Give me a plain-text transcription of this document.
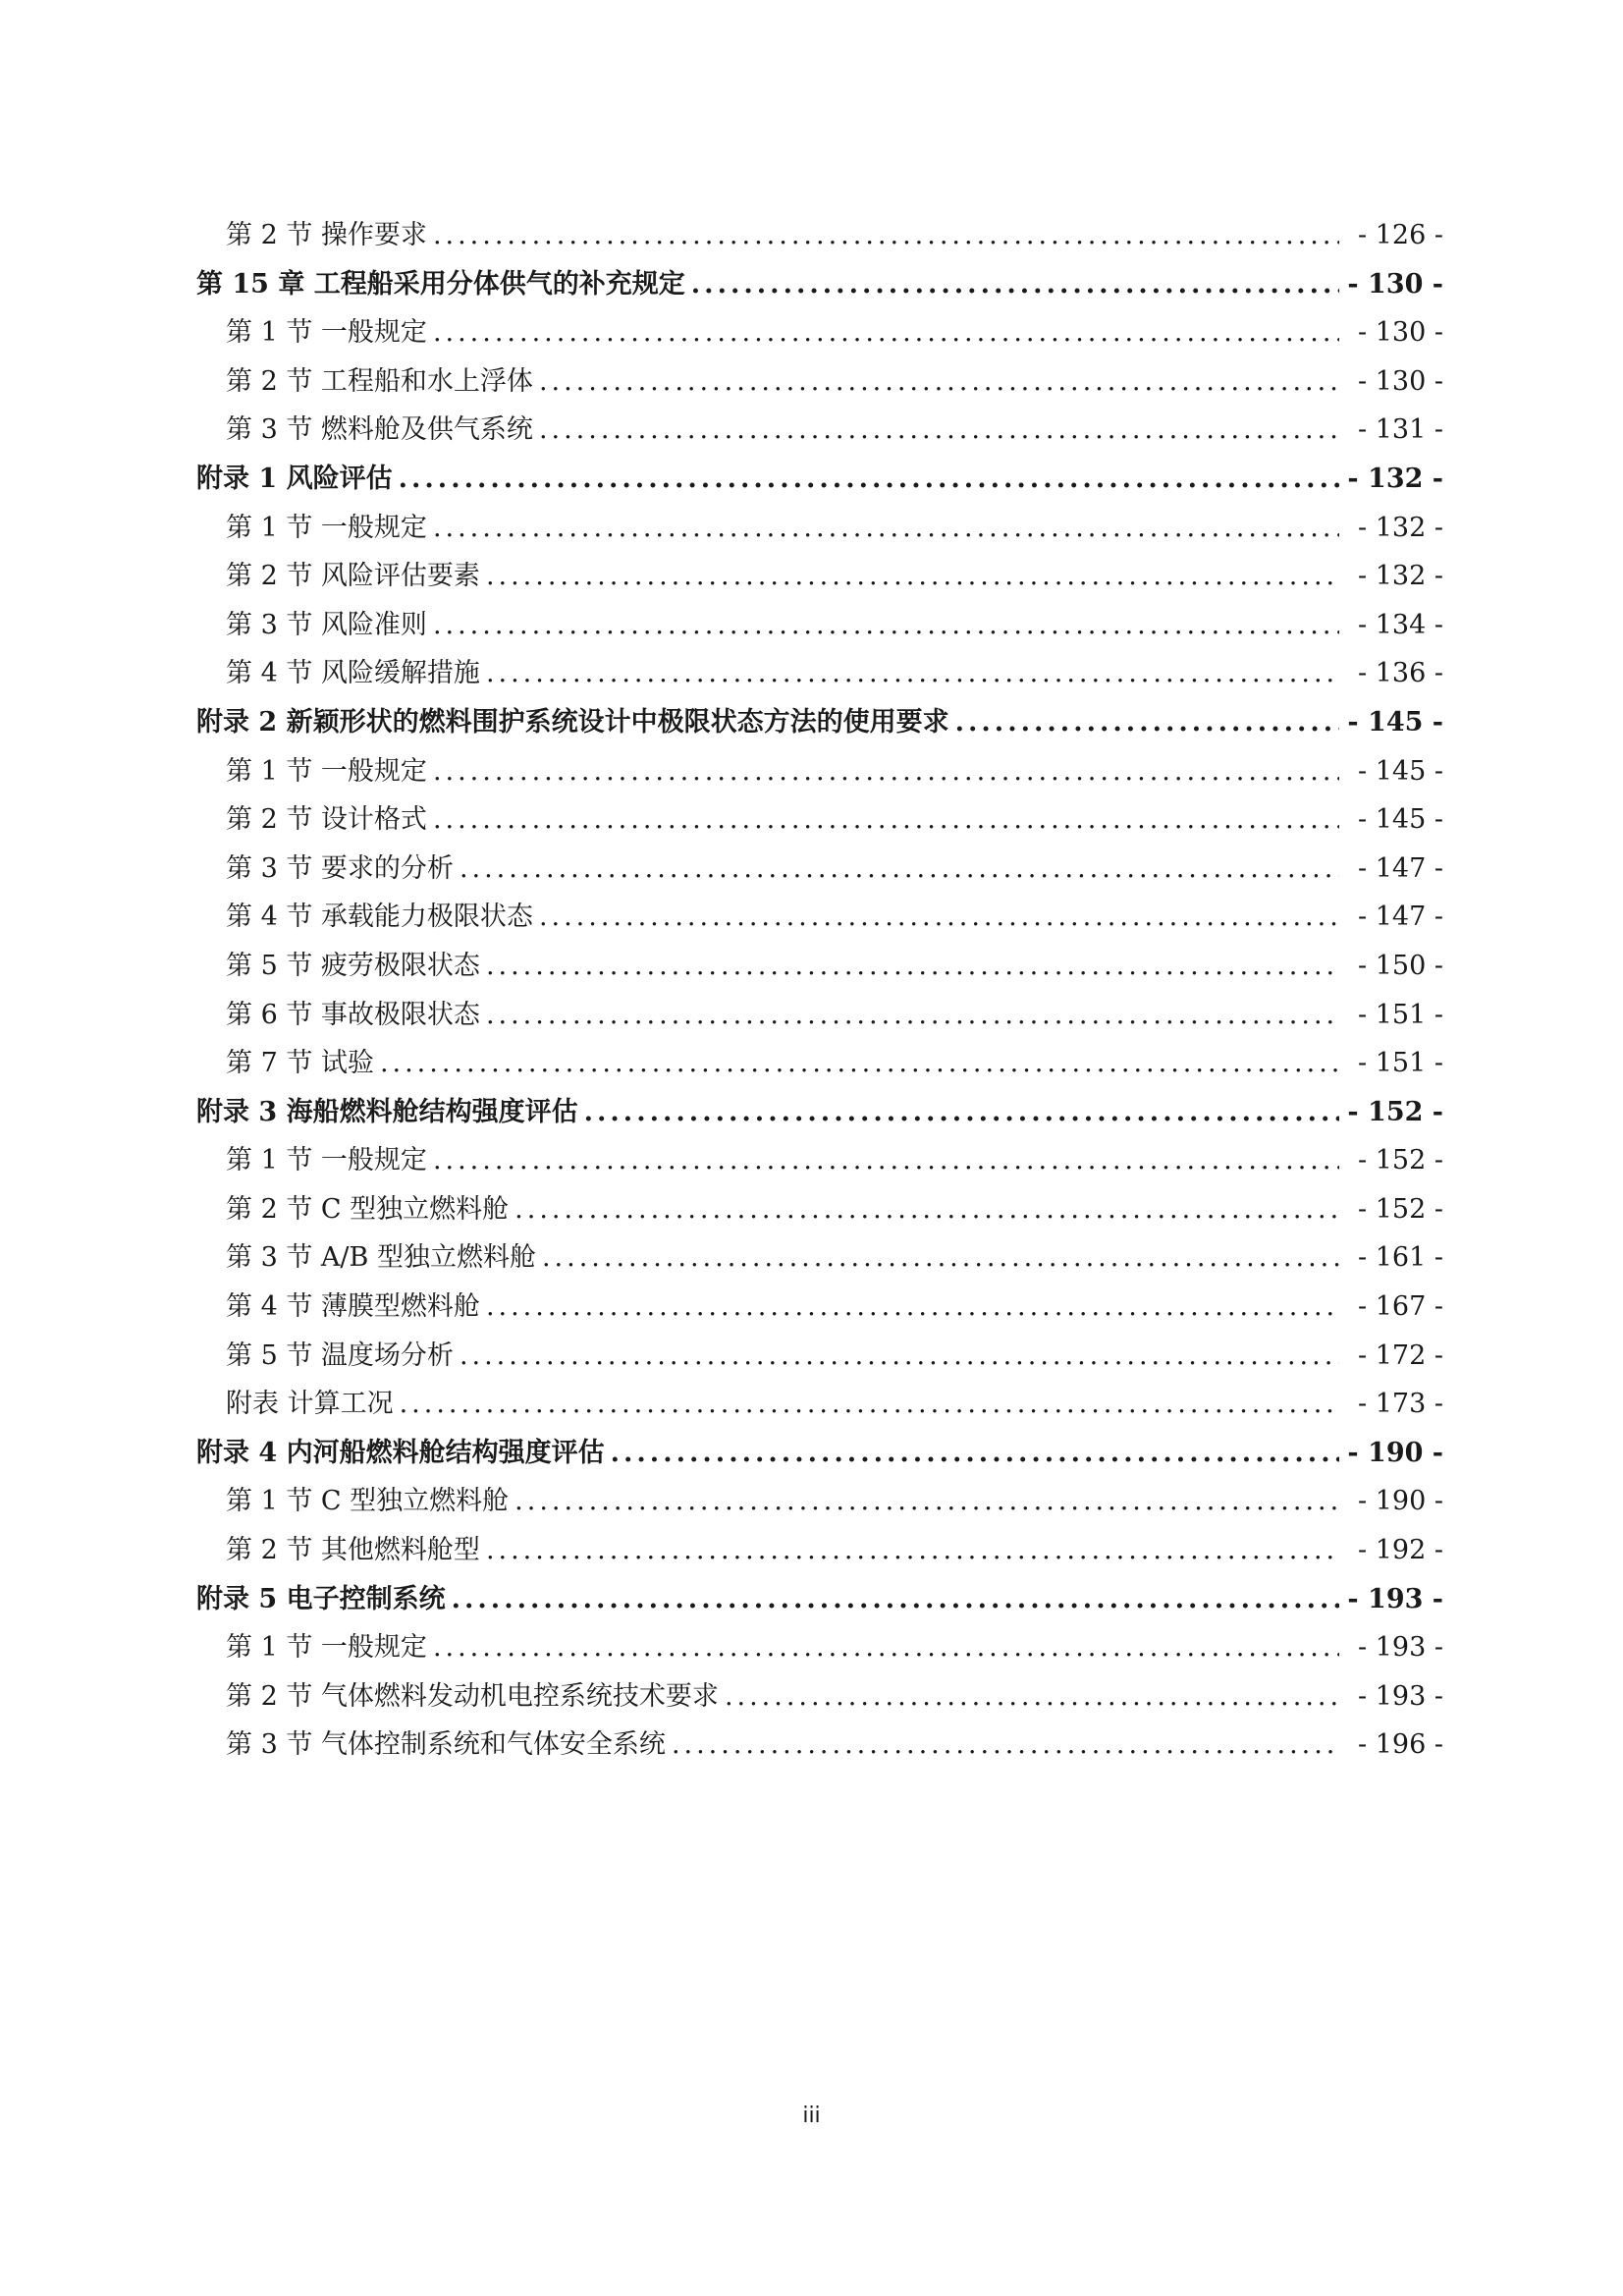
第 2 节 操作要求 .....	- 126 -
第 15 章 工程船采用分体供气的补充规定 .....	- 130 -
第 1 节 一般规定 .....	- 130 -
第 2 节 工程船和水上浮体 .....	- 130 -
第 3 节 燃料舱及供气系统 .....	- 131 -
附录 1 风险评估 .....	- 132 -
第 1 节 一般规定 .....	- 132 -
第 2 节 风险评估要素 .....	- 132 -
第 3 节 风险准则 .....	- 134 -
第 4 节 风险缓解措施 .....	- 136 -
附录 2 新颖形状的燃料围护系统设计中极限状态方法的使用要求 .....	- 145 -
第 1 节 一般规定 .....	- 145 -
第 2 节 设计格式 .....	- 145 -
第 3 节 要求的分析 .....	- 147 -
第 4 节 承载能力极限状态 .....	- 147 -
第 5 节 疲劳极限状态 .....	- 150 -
第 6 节 事故极限状态 .....	- 151 -
第 7 节 试验 .....	- 151 -
附录 3 海船燃料舱结构强度评估 .....	- 152 -
第 1 节 一般规定 .....	- 152 -
第 2 节 C 型独立燃料舱 .....	- 152 -
第 3 节 A/B 型独立燃料舱 .....	- 161 -
第 4 节 薄膜型燃料舱 .....	- 167 -
第 5 节 温度场分析 .....	- 172 -
附表 计算工况 .....	- 173 -
附录 4 内河船燃料舱结构强度评估 .....	- 190 -
第 1 节 C 型独立燃料舱 .....	- 190 -
第 2 节 其他燃料舱型 .....	- 192 -
附录 5 电子控制系统 .....	- 193 -
第 1 节 一般规定 .....	- 193 -
第 2 节 气体燃料发动机电控系统技术要求 .....	- 193 -
第 3 节 气体控制系统和气体安全系统 .....	- 196 -
iii
